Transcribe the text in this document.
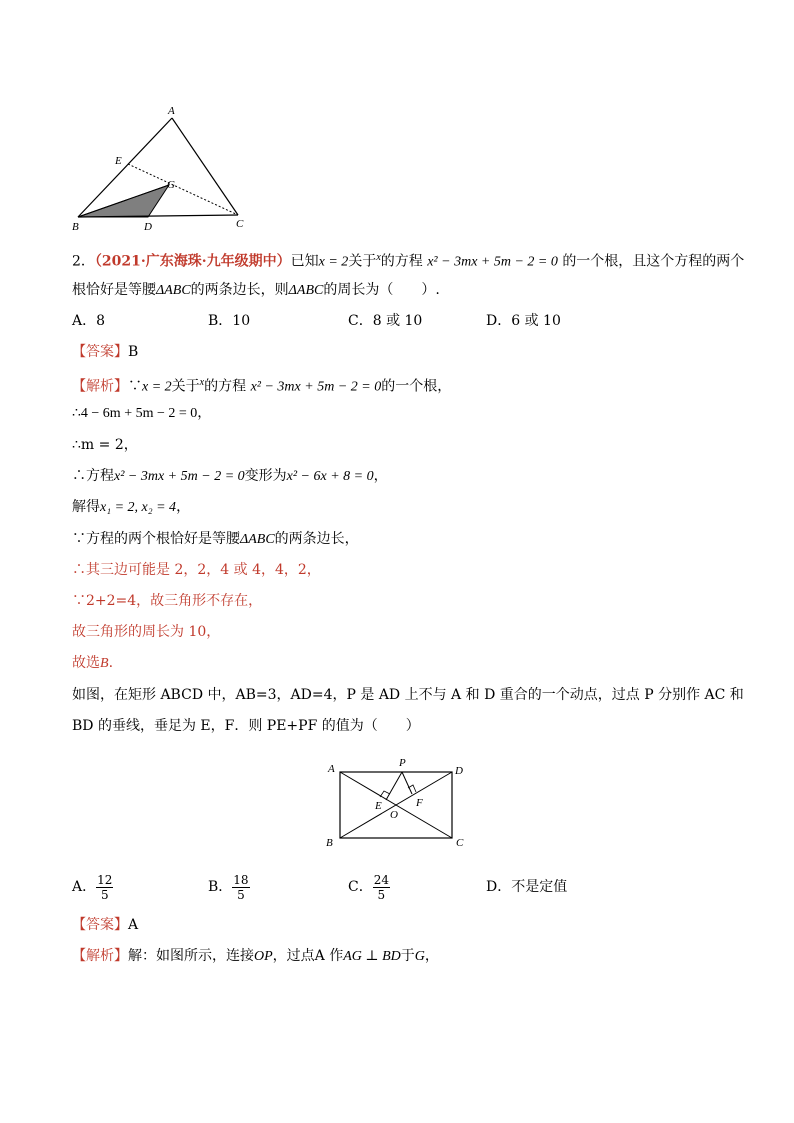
A
E
G
B	D	C
2．（2021·广东海珠·九年级期中）已知x = 2关于$^x$的方程 x² − 3mx + 5m − 2 = 0 的一个根，且这个方程的两个
根恰好是等腰ΔABC的两条边长，则ΔABC的周长为（　　）.
A．8	B．10	C．8 或 10	D．6 或 10
【答案】B
【解析】∵x = 2关于$^x$的方程 x² − 3mx + 5m − 2 = 0的一个根，
∴4 − 6m + 5m − 2 = 0，
∴m = 2，
∴方程x² − 3mx + 5m − 2 = 0变形为x² − 6x + 8 = 0，
解得x₁ = 2, x₂ = 4，
∵方程的两个根恰好是等腰ΔABC的两条边长，
∴其三边可能是 2，2，4 或 4，4，2，
∵2+2=4，故三角形不存在，
故三角形的周长为 10，
故选B.
如图，在矩形 ABCD 中，AB=3，AD=4，P 是 AD 上不与 A 和 D 重合的一个动点，过点 P 分别作 AC 和
BD 的垂线，垂足为 E，F．则 PE+PF 的值为（　　）
A	P
D
E	F
O
B	C
A． $\frac{12}{5}$	B． $\frac{18}{5}$	C． $\frac{24}{5}$	D．不是定值
【答案】A
【解析】解：如图所示，连接OP，过点A 作AG ⊥ BD于G，
